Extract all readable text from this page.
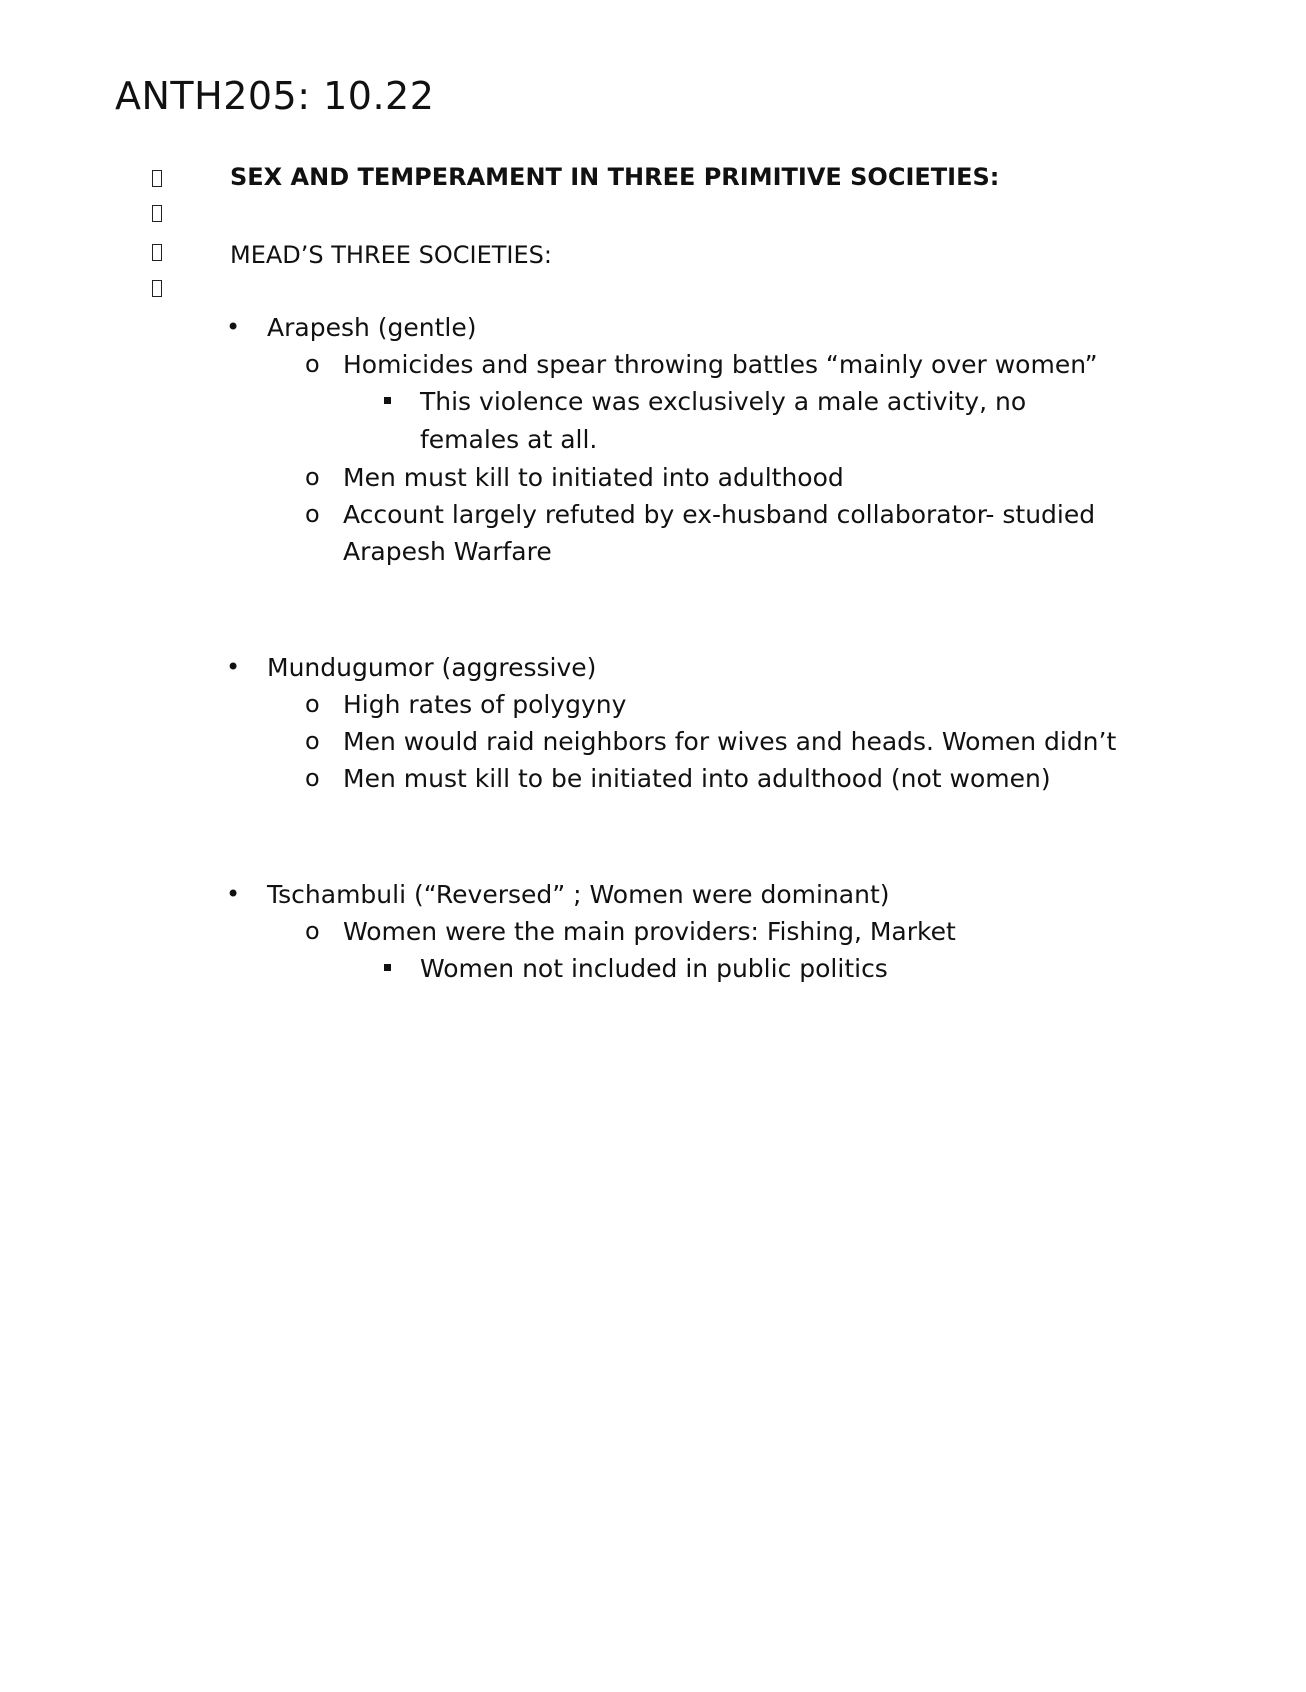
ANTH205: 10.22
SEX AND TEMPERAMENT IN THREE PRIMITIVE SOCIETIES:
MEAD’S THREE SOCIETIES:
• Arapesh (gentle)
o Homicides and spear throwing battles “mainly over women”
This violence was exclusively a male activity, no
females at all.
o Men must kill to initiated into adulthood
o Account largely refuted by ex-husband collaborator- studied
Arapesh Warfare
• Mundugumor (aggressive)
o High rates of polygyny
o Men would raid neighbors for wives and heads. Women didn’t
o Men must kill to be initiated into adulthood (not women)
• Tschambuli (“Reversed” ; Women were dominant)
o Women were the main providers: Fishing, Market
Women not included in public politics
